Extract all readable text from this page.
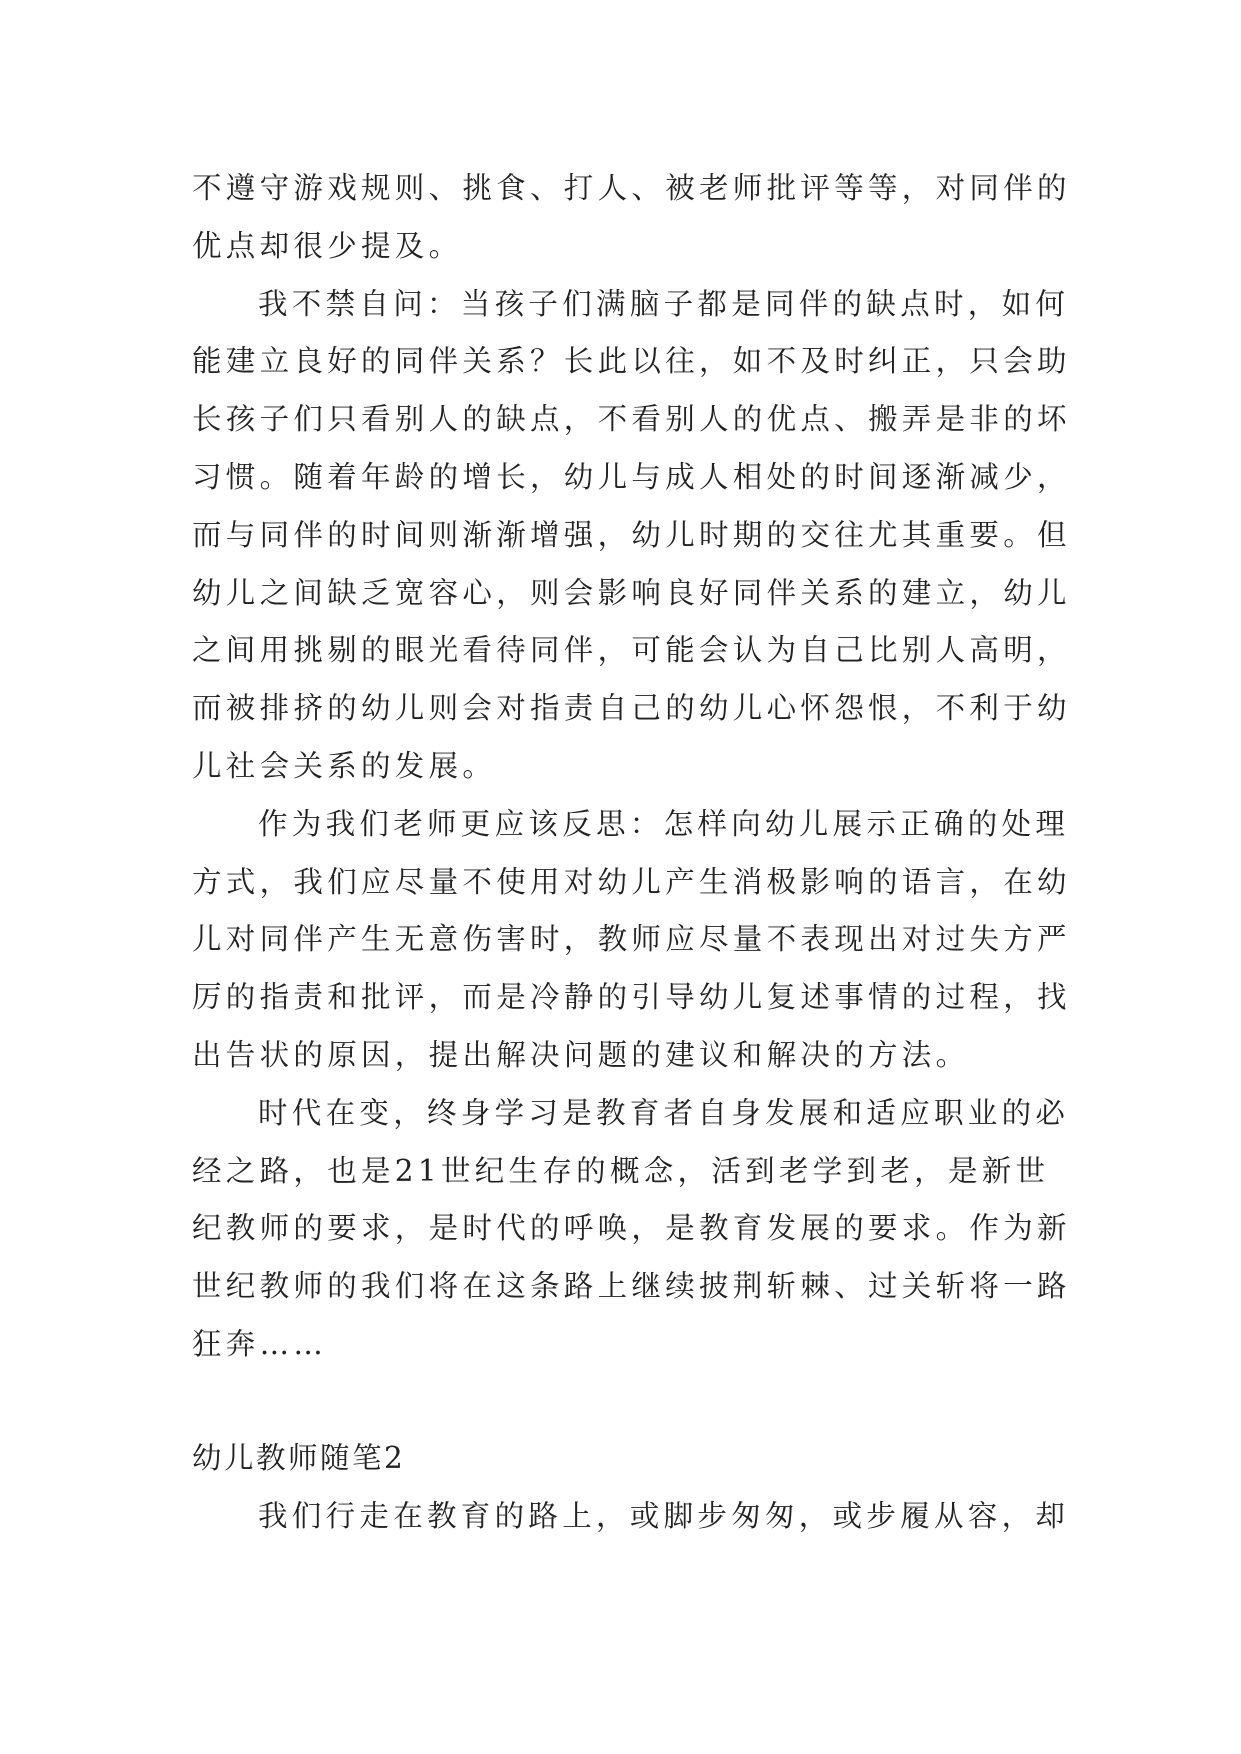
不遵守游戏规则、挑食、打人、被老师批评等等，对同伴的
优点却很少提及。
我不禁自问：当孩子们满脑子都是同伴的缺点时，如何
能建立良好的同伴关系？长此以往，如不及时纠正，只会助
长孩子们只看别人的缺点，不看别人的优点、搬弄是非的坏
习惯。随着年龄的增长，幼儿与成人相处的时间逐渐减少，
而与同伴的时间则渐渐增强，幼儿时期的交往尤其重要。但
幼儿之间缺乏宽容心，则会影响良好同伴关系的建立，幼儿
之间用挑剔的眼光看待同伴，可能会认为自己比别人高明，
而被排挤的幼儿则会对指责自己的幼儿心怀怨恨，不利于幼
儿社会关系的发展。
作为我们老师更应该反思：怎样向幼儿展示正确的处理
方式，我们应尽量不使用对幼儿产生消极影响的语言，在幼
儿对同伴产生无意伤害时，教师应尽量不表现出对过失方严
厉的指责和批评，而是冷静的引导幼儿复述事情的过程，找
出告状的原因，提出解决问题的建议和解决的方法。
时代在变，终身学习是教育者自身发展和适应职业的必
经之路，也是21世纪生存的概念，活到老学到老，是新世
纪教师的要求，是时代的呼唤，是教育发展的要求。作为新
世纪教师的我们将在这条路上继续披荆斩棘、过关斩将一路
狂奔……
幼儿教师随笔2
我们行走在教育的路上，或脚步匆匆，或步履从容，却
